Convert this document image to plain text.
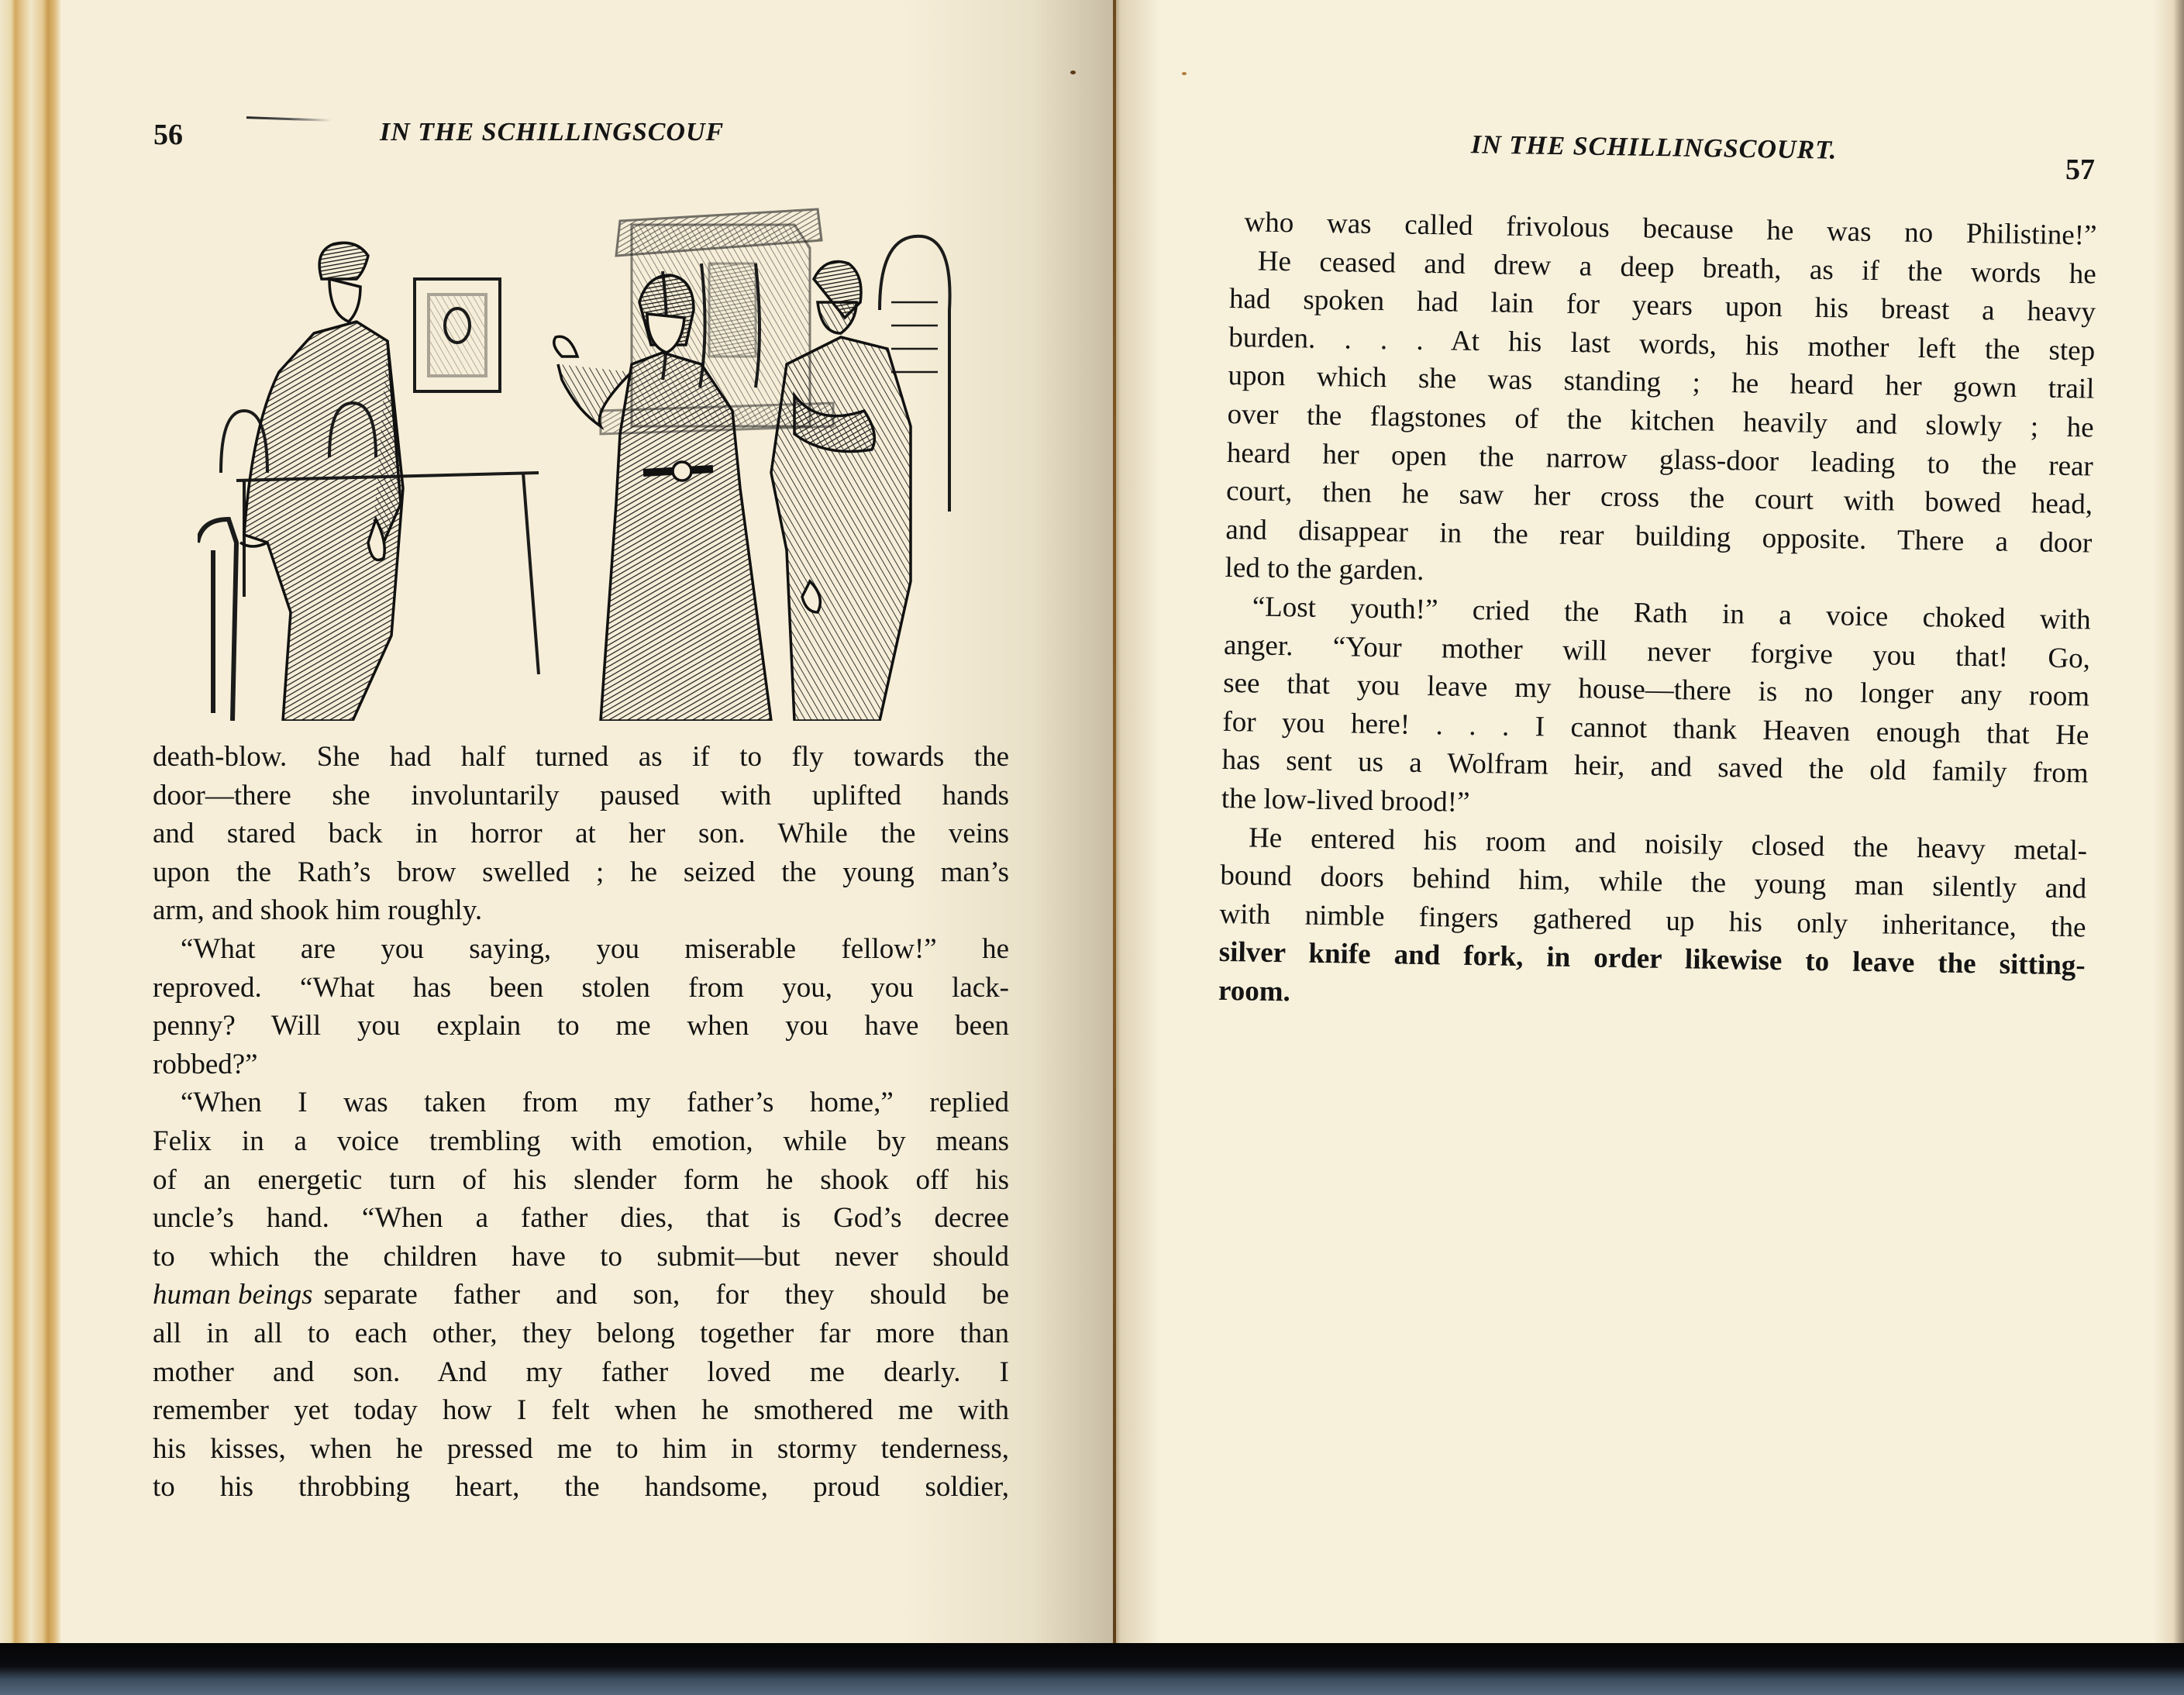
56	IN THE SCHILLINGSCOUF	IN THE SCHILLINGSCOURT.
57
death-blow. She had half turned as if to fly towards the
door—there she involuntarily paused with uplifted hands
and stared back in horror at her son. While the veins
upon the Rath’s brow swelled ; he seized the young man’s
arm, and shook him roughly.
“What are you saying, you miserable fellow!” he
reproved. “What has been stolen from you, you lack-
penny? Will you explain to me when you have been
robbed?”
“When I was taken from my father’s home,” replied
Felix in a voice trembling with emotion, while by means
of an energetic turn of his slender form he shook off his
uncle’s hand. “When a father dies, that is God’s decree
to which the children have to submit—but never should
human beings separate father and son, for they should be
all in all to each other, they belong together far more than
mother and son. And my father loved me dearly. I
remember yet today how I felt when he smothered me with
his kisses, when he pressed me to him in stormy tenderness,
to his throbbing heart, the handsome, proud soldier,
who was called frivolous because he was no Philistine!”
He ceased and drew a deep breath, as if the words he
had spoken had lain for years upon his breast a heavy
burden. . . . At his last words, his mother left the step
upon which she was standing ; he heard her gown trail
over the flagstones of the kitchen heavily and slowly ; he
heard her open the narrow glass-door leading to the rear
court, then he saw her cross the court with bowed head,
and disappear in the rear building opposite. There a door
led to the garden.
“Lost youth!” cried the Rath in a voice choked with
anger. “Your mother will never forgive you that! Go,
see that you leave my house—there is no longer any room
for you here! . . . I cannot thank Heaven enough that He
has sent us a Wolfram heir, and saved the old family from
the low-lived brood!”
He entered his room and noisily closed the heavy metal-
bound doors behind him, while the young man silently and
with nimble fingers gathered up his only inheritance, the
silver knife and fork, in order likewise to leave the sitting-
room.
